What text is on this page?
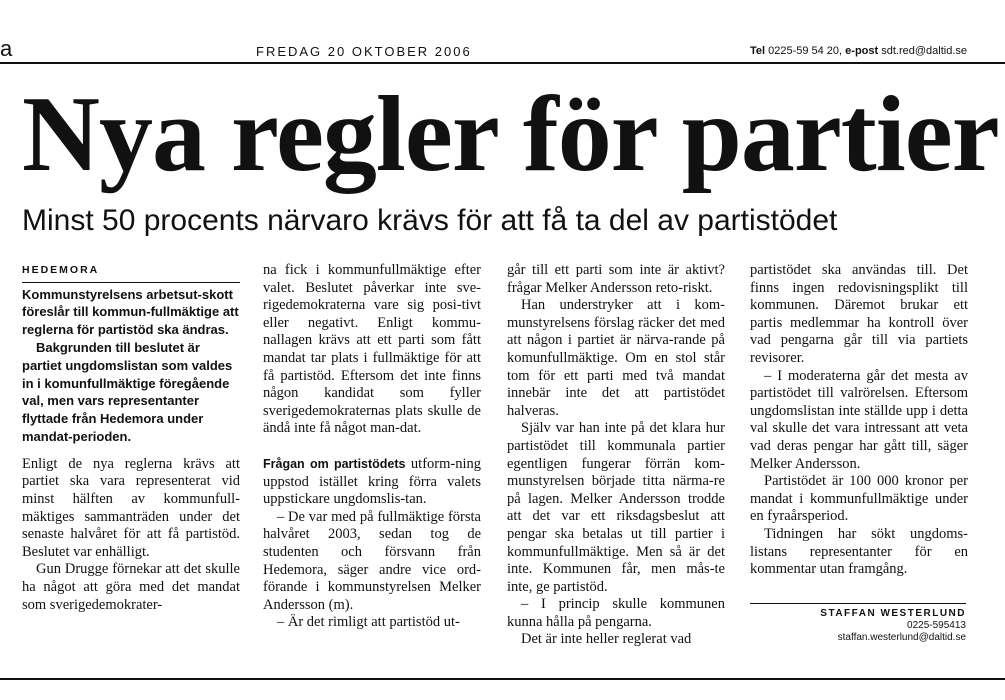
a	FREDAG 20 OKTOBER 2006	Tel 0225-59 54 20, e-post sdt.red@daltid.se
Nya regler för partier
Minst 50 procents närvaro krävs för att få ta del av partistödet
HEDEMORA

Kommunstyrelsens arbetsut-skott föreslår till kommun-fullmäktige att reglerna för partistöd ska ändras.

Bakgrunden till beslutet är partiet ungdomslistan som valdes in i komunfullmäktige föregående val, men vars representanter flyttade från Hedemora under mandat-perioden.

Enligt de nya reglerna krävs att partiet ska vara representerat vid minst hälften av kommunfull-mäktiges sammanträden under det senaste halvåret för att få partistöd. Beslutet var enhälligt.

Gun Drugge förnekar att det skulle ha något att göra med det mandat som sverigedemokrater-

na fick i kommunfullmäktige efter valet. Beslutet påverkar inte sve-rigedemokraterna vare sig posi-tivt eller negativt. Enligt kommu-nallagen krävs att ett parti som fått mandat tar plats i fullmäktige för att få partistöd. Eftersom det inte finns någon kandidat som fyller sverigedemokraternas plats skulle de ändå inte få något man-dat.

Frågan om partistödets utform-ning uppstod istället kring förra valets uppstickare ungdomslis-tan.

– De var med på fullmäktige första halvåret 2003, sedan tog de studenten och försvann från Hedemora, säger andre vice ord-förande i kommunstyrelsen Melker Andersson (m).

– Är det rimligt att partistöd ut-

går till ett parti som inte är aktivt? frågar Melker Andersson reto-riskt.

Han understryker att i kom-munstyrelsens förslag räcker det med att någon i partiet är närva-rande på komunfullmäktige. Om en stol står tom för ett parti med två mandat innebär inte det att partistödet halveras.

Själv var han inte på det klara hur partistödet till kommunala partier egentligen fungerar förrän kom-munstyrelsen började titta närma-re på lagen. Melker Andersson trodde att det var ett riksdagsbeslut att pengar ska betalas ut till partier i kommunfullmäktige. Men så är det inte. Kommunen får, men mås-te inte, ge partistöd.

– I princip skulle kommunen kunna hålla på pengarna.

Det är inte heller reglerat vad

partistödet ska användas till. Det finns ingen redovisningsplikt till kommunen. Däremot brukar ett partis medlemmar ha kontroll över vad pengarna går till via partiets revisorer.

– I moderaterna går det mesta av partistödet till valrörelsen. Eftersom ungdomslistan inte ställde upp i detta val skulle det vara intressant att veta vad deras pengar har gått till, säger Melker Andersson.

Partistödet är 100 000 kronor per mandat i kommunfullmäktige under en fyraårsperiod.

Tidningen har sökt ungdoms-listans representanter för en kommentar utan framgång.

STAFFAN WESTERLUND
0225-595413
staffan.westerlund@daltid.se
